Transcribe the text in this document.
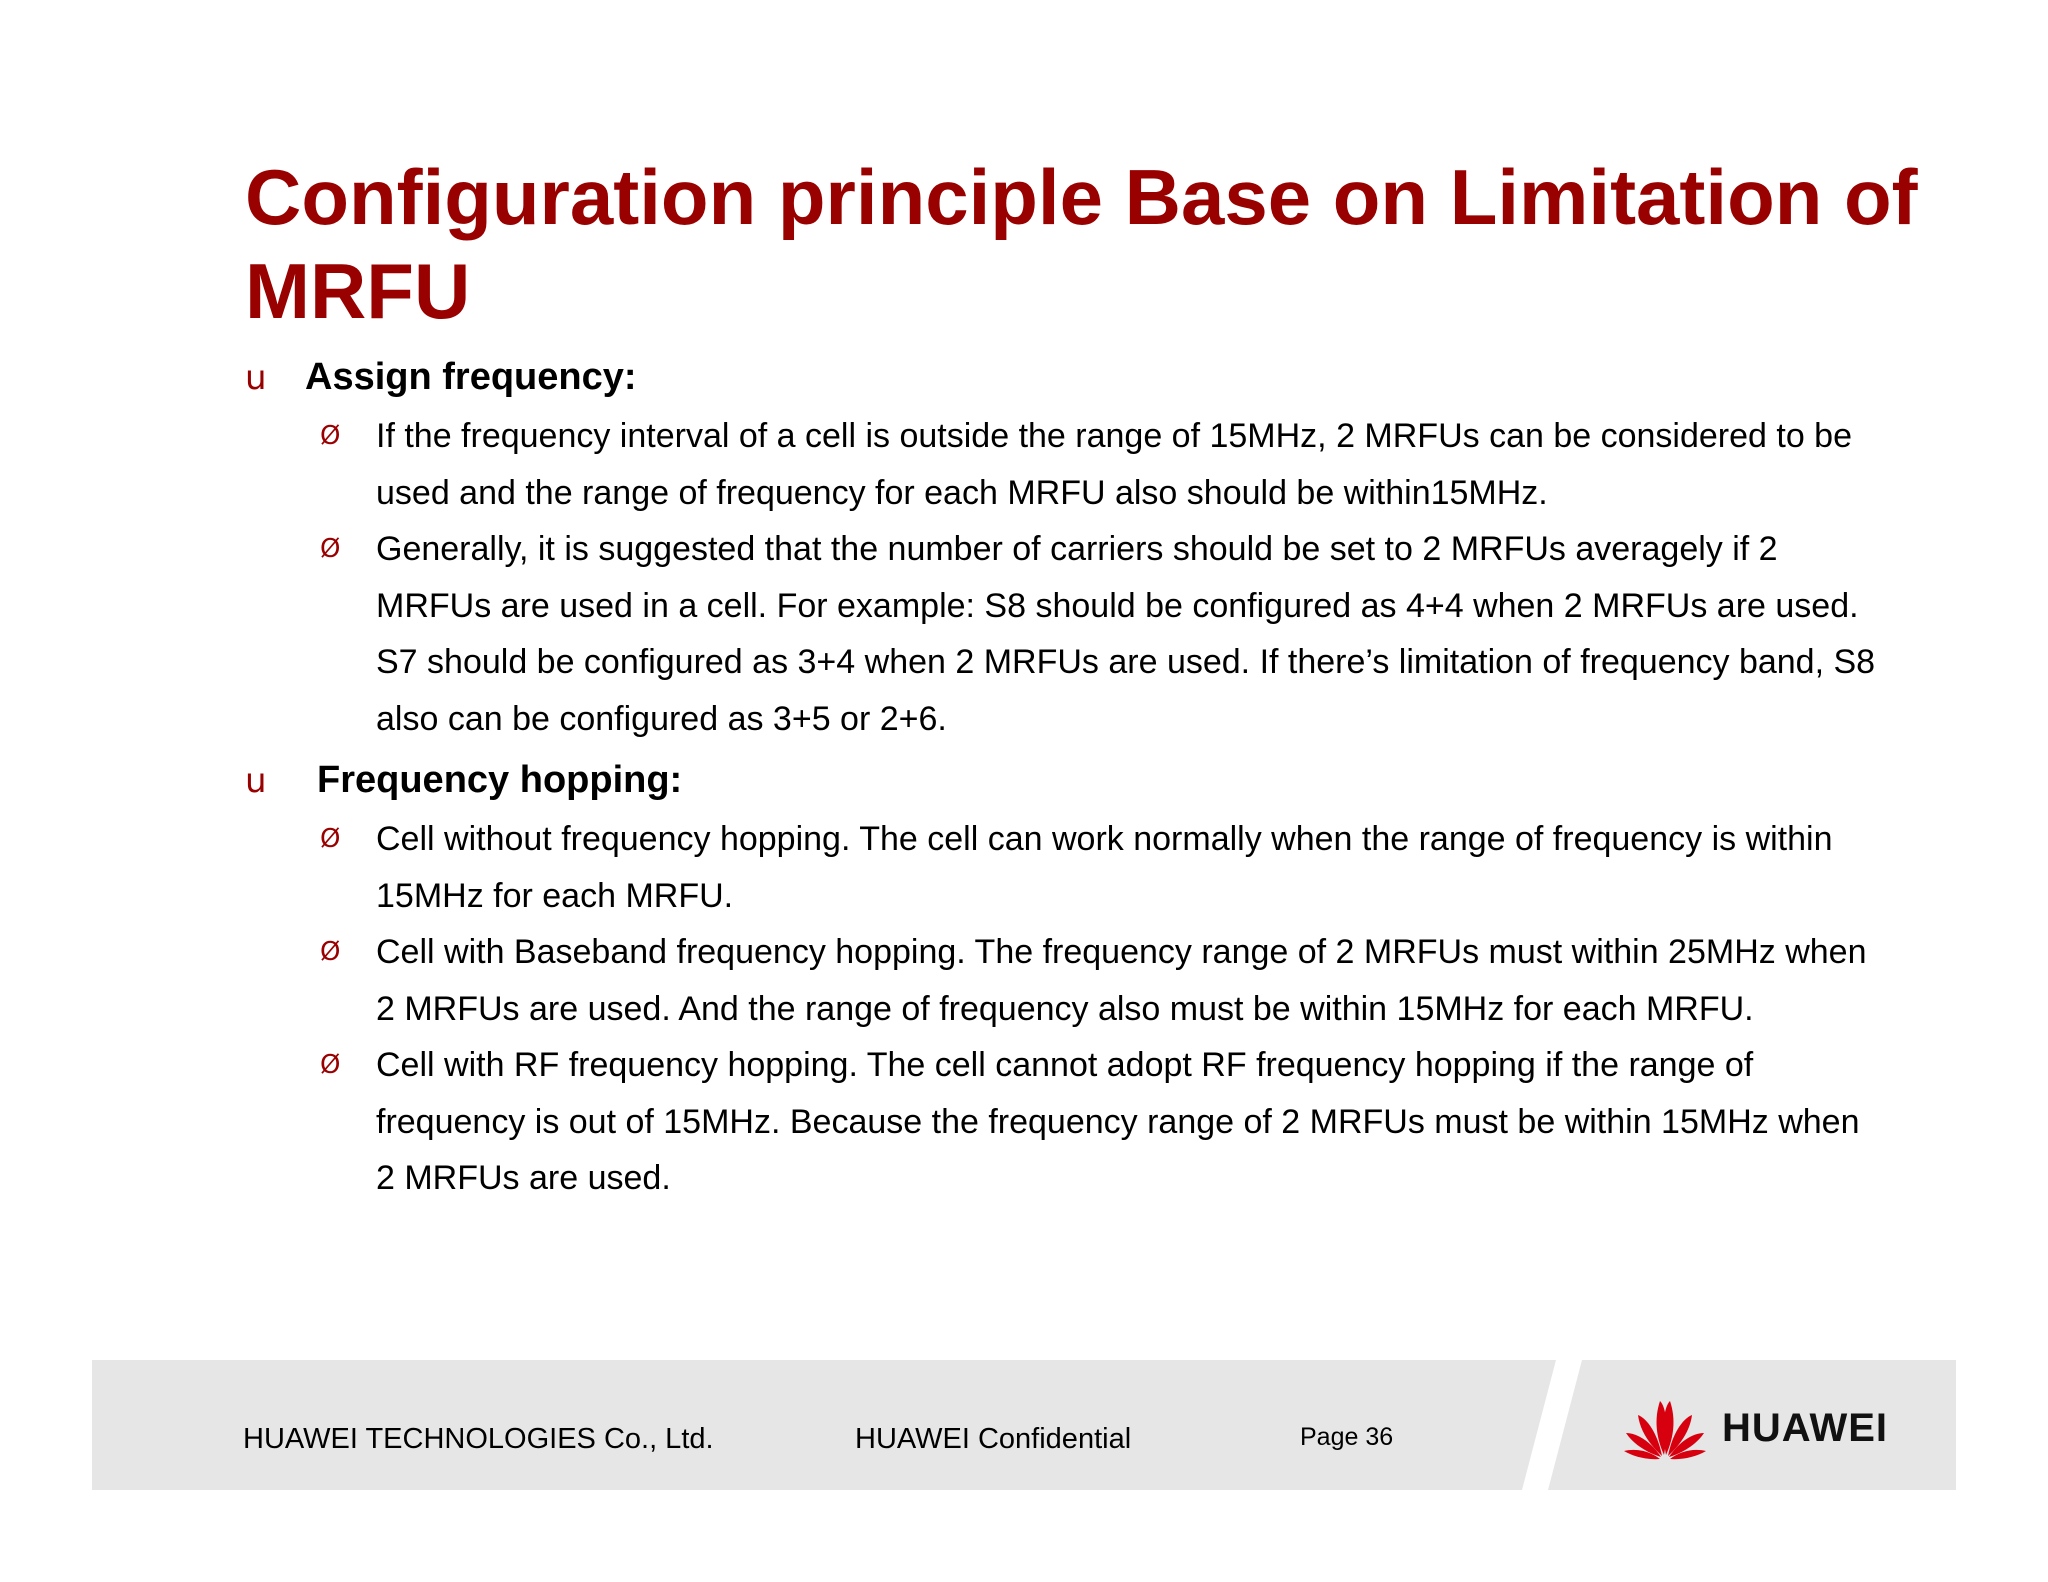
Configuration principle Base on Limitation of MRFU
u	Assign frequency:
Ø	If the frequency interval of a cell is outside the range of 15MHz, 2 MRFUs can be considered to be used and the range of frequency for each MRFU also should be within15MHz.
Ø	Generally, it is suggested that the number of carriers should be set to 2 MRFUs averagely if 2 MRFUs are used in a cell. For example: S8 should be configured as 4+4 when 2 MRFUs are used. S7 should be configured as 3+4 when 2 MRFUs are used. If there’s limitation of frequency band, S8 also can be configured as 3+5 or 2+6.
u	Frequency hopping:
Ø	Cell without frequency hopping. The cell can work normally when the range of frequency is within 15MHz for each MRFU.
Ø	Cell with Baseband frequency hopping. The frequency range of 2 MRFUs must within 25MHz when 2 MRFUs are used. And the range of frequency also must be within 15MHz for each MRFU.
Ø	Cell with RF frequency hopping. The cell cannot adopt RF frequency hopping if the range of frequency is out of 15MHz. Because the frequency range of 2 MRFUs must be within 15MHz when 2 MRFUs are used.
HUAWEI TECHNOLOGIES Co., Ltd.	HUAWEI Confidential	Page 36	HUAWEI
